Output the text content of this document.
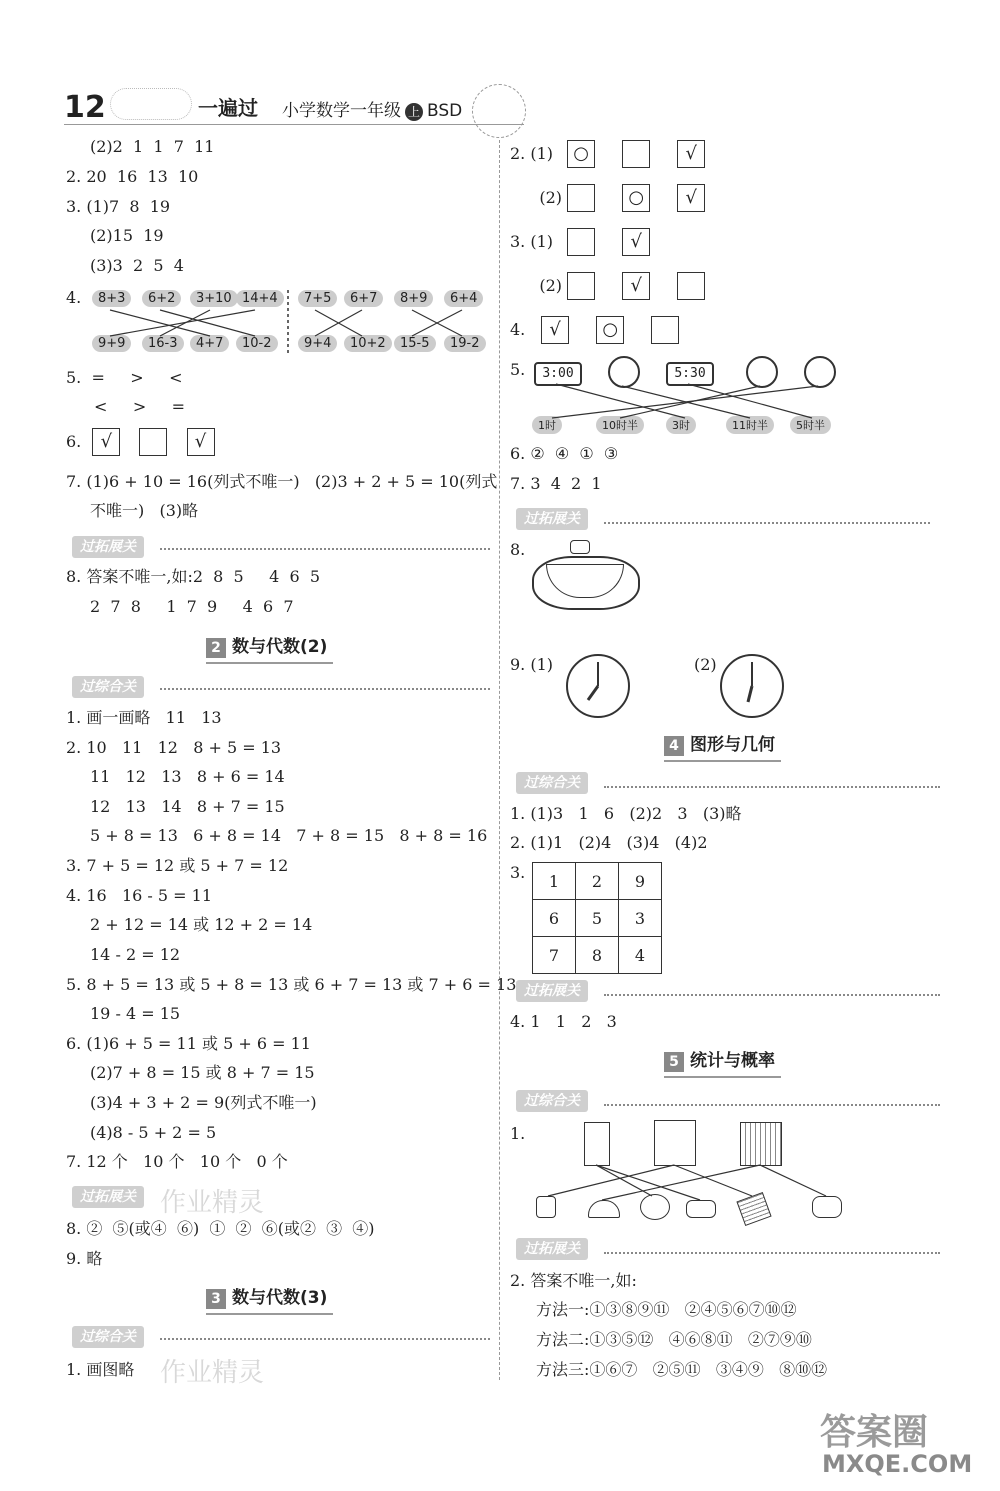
12	一遍过 小学数学一年级 上 BSD
(2)2  1  1  7  11
2. 20  16  13  10
3. (1)7  8  19
(2)15  19
(3)3  2  5  4
4.	8+3	6+2	3+10 14+4	7+5	6+7	8+9	6+4
9+9	16-3	4+7	10-2	9+4	10+2	15-5	19-2
5.  =     >     <
<     >     =
6. √	√
7. (1)6 + 10 = 16(列式不唯一)   (2)3 + 2 + 5 = 10(列式
不唯一)   (3)略
过拓展关
8. 答案不唯一,如:2  8  5     4  6  5
2  7  8     1  7  9     4  6  7
2 数与代数(2)
过综合关
1. 画一画略   11   13
2. 10   11   12   8 + 5 = 13
11   12   13   8 + 6 = 14
12   13   14   8 + 7 = 15
5 + 8 = 13   6 + 8 = 14   7 + 8 = 15   8 + 8 = 16
3. 7 + 5 = 12 或 5 + 7 = 12
4. 16   16 - 5 = 11
2 + 12 = 14 或 12 + 2 = 14
14 - 2 = 12
5. 8 + 5 = 13 或 5 + 8 = 13 或 6 + 7 = 13 或 7 + 6 = 13
19 - 4 = 15
6. (1)6 + 5 = 11 或 5 + 6 = 11
(2)7 + 8 = 15 或 8 + 7 = 15
(3)4 + 3 + 2 = 9(列式不唯一)
(4)8 - 5 + 2 = 5
7. 12 个   10 个   10 个   0 个
过拓展关 作业精灵
8. ②  ⑤(或④  ⑥)  ①  ②  ⑥(或②  ③  ④)
9. 略
3 数与代数(3)
过综合关
1. 画图略 作业精灵
2. (1) ○	√
(2)	○ √
3. (1)	√
(2)	√
4. √ ○
5.	3:00	5:30
1时	10时半	3时	11时半	5时半
6. ②  ④  ①  ③
7. 3  4  2  1
过拓展关
8.
9. (1)	(2)
4 图形与几何
过综合关
1. (1)3   1   6   (2)2   3   (3)略
2. (1)1   (2)4   (3)4   (4)2
3. 1	2	9
6	5	3
7	8	4
过拓展关
4. 1   1   2   3
5 统计与概率
过综合关
1.
过拓展关
2. 答案不唯一,如:
方法一:①③⑧⑨⑪   ②④⑤⑥⑦⑩⑫
方法二:①③⑤⑫   ④⑥⑧⑪   ②⑦⑨⑩
方法三:①⑥⑦   ②⑤⑪   ③④⑨   ⑧⑩⑫
答案圈
MXQE.COM
